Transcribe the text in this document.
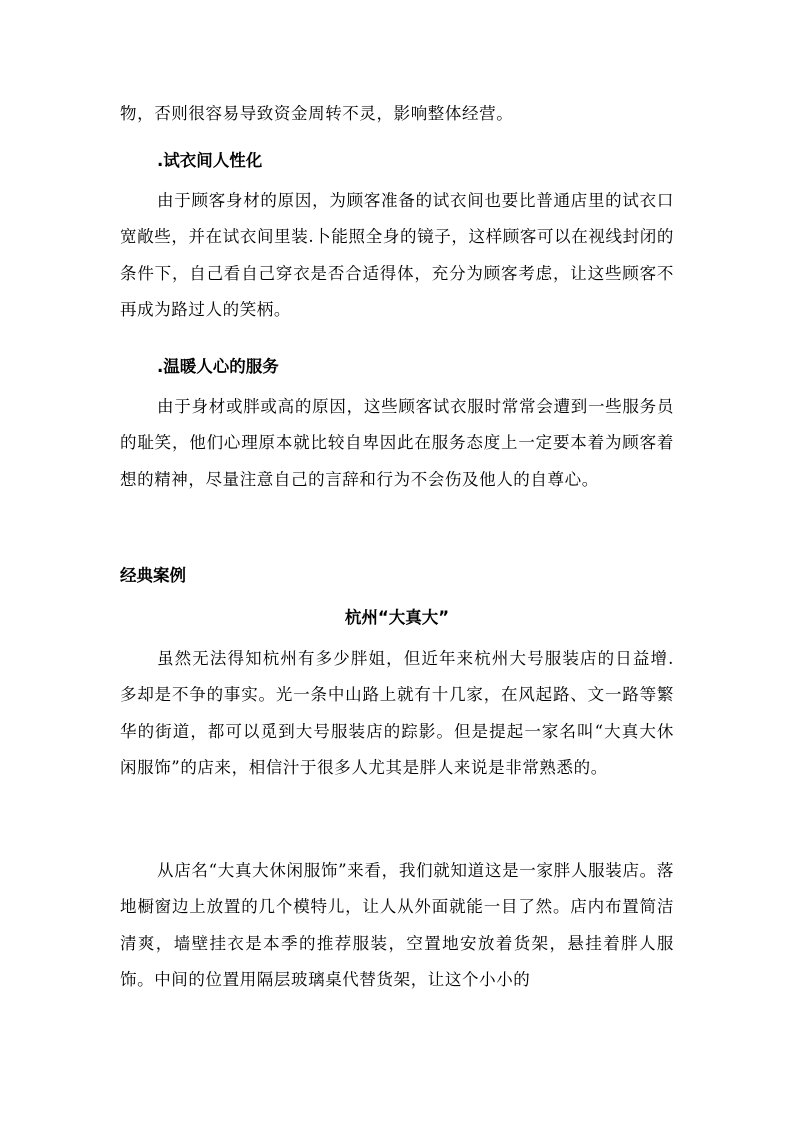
物，否则很容易导致资金周转不灵，影响整体经营。

.试衣间人性化

由于顾客身材的原因，为顾客准备的试衣间也要比普通店里的试衣口宽敞些，并在试衣间里装.卜能照全身的镜子，这样顾客可以在视线封闭的条件下，自己看自己穿衣是否合适得体，充分为顾客考虑，让这些顾客不再成为路过人的笑柄。

.温暖人心的服务

由于身材或胖或高的原因，这些顾客试衣服时常常会遭到一些服务员的耻笑，他们心理原本就比较自卑因此在服务态度上一定要本着为顾客着想的精神，尽量注意自己的言辞和行为不会伤及他人的自尊心。

经典案例
杭州“大真大”

虽然无法得知杭州有多少胖姐，但近年来杭州大号服装店的日益增.多却是不争的事实。光一条中山路上就有十几家，在风起路、文一路等繁华的街道，都可以觅到大号服装店的踪影。但是提起一家名叫“大真大休闲服饰”的店来，相信汁于很多人尤其是胖人来说是非常熟悉的。

从店名“大真大休闲服饰”来看，我们就知道这是一家胖人服装店。落地橱窗边上放置的几个模特儿，让人从外面就能一目了然。店内布置简洁清爽，墙壁挂衣是本季的推荐服装，空置地安放着货架，悬挂着胖人服饰。中间的位置用隔层玻璃桌代替货架，让这个小小的
